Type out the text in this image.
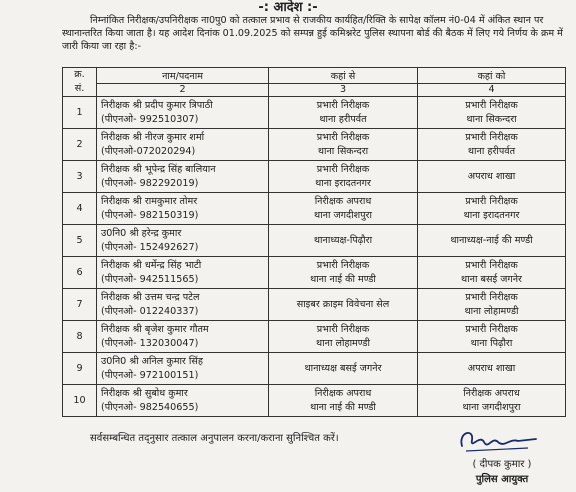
-: आदेश :-

निम्नांकित निरीक्षक/उपनिरीक्षक ना0पु0 को तत्काल प्रभाव से राजकीय कार्यहित/रिक्ति के सापेक्ष कॉलम नं0-04 में अंकित स्थान पर स्थानान्तरित किया जाता है। यह आदेश दिनांक 01.09.2025 को सम्पन्न हुई कमिश्नरेट पुलिस स्थापना बोर्ड की बैठक में लिए गये निर्णय के क्रम में जारी किया जा रहा है:-

क्र.
सं.	नाम/पदनाम	कहां से	कहां को
	2	3	4
1	निरीक्षक श्री प्रदीप कुमार त्रिपाठी
(पीएनओ- 992510307)	प्रभारी निरीक्षक
थाना हरीपर्वत	प्रभारी निरीक्षक
थाना सिकन्दरा

2	निरीक्षक श्री नीरज कुमार शर्मा
(पीएनओ-072020294)	प्रभारी निरीक्षक
थाना सिकन्दरा	प्रभारी निरीक्षक
थाना हरीपर्वत

3	निरीक्षक श्री भूपेन्द्र सिंह बालियान
(पीएनओ- 982292019)	प्रभारी निरीक्षक
थाना इरादतनगर	अपराध शाखा

4	निरीक्षक श्री रामकुमार तोमर
(पीएनओ- 982150319)	निरीक्षक अपराध
थाना जगदीशपुरा	प्रभारी निरीक्षक
थाना इरादतनगर

5	उ0नि0 श्री हरेन्द्र कुमार
(पीएनओ- 152492627)	थानाध्यक्ष-पिढ़ौरा	थानाध्यक्ष-नाई की मण्डी

6	निरीक्षक श्री धर्मेन्द्र सिंह भाटी
(पीएनओ- 942511565)	प्रभारी निरीक्षक
थाना नाई की मण्डी	प्रभारी निरीक्षक
थाना बसई जगनेर

7	निरीक्षक श्री उत्तम चन्द्र पटेल
(पीएनओ- 012240337)	साइबर क्राइम विवेचना सेल	प्रभारी निरीक्षक
थाना लोहामण्डी

8	निरीक्षक श्री बृजेश कुमार गौतम
(पीएनओ- 132030047)	प्रभारी निरीक्षक
थाना लोहामण्डी	प्रभारी निरीक्षक
थाना पिढ़ौरा

9	उ0नि0 श्री अनिल कुमार सिंह
(पीएनओ- 972100151)	थानाध्यक्ष बसई जगनेर	अपराध शाखा

10	निरीक्षक श्री सुबोध कुमार
(पीएनओ- 982540655)	निरीक्षक अपराध
थाना नाई की मण्डी	निरीक्षक अपराध
थाना जगदीशपुरा
सर्वसम्बन्धित तद्नुसार तत्काल अनुपालन करना/कराना सुनिश्चित करें।
( दीपक कुमार )
पुलिस आयुक्त
